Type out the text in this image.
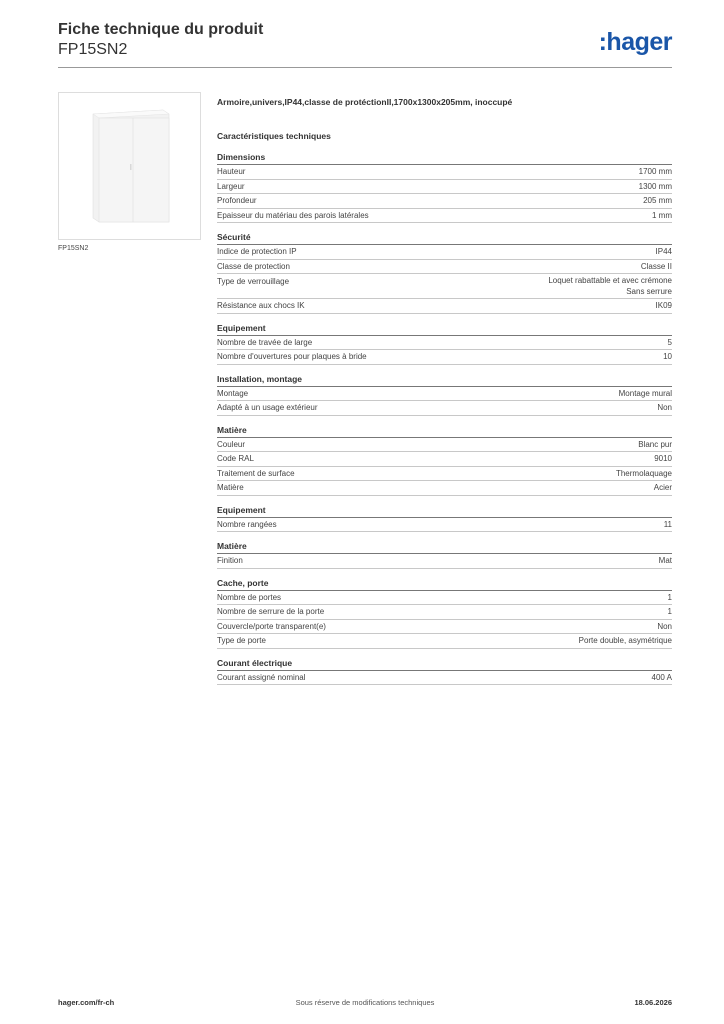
Fiche technique du produit
FP15SN2	:hager
FP15SN2
Armoire,univers,IP44,classe de protéctionII,1700x1300x205mm, inoccupé
Caractéristiques techniques
Dimensions
Hauteur	1700 mm
Largeur	1300 mm
Profondeur	205 mm
Epaisseur du matériau des parois latérales	1 mm
Sécurité
Indice de protection IP	IP44
Classe de protection	Classe II
Type de verrouillage	Loquet rabattable et avec crémone
Sans serrure
Résistance aux chocs IK	IK09
Equipement
Nombre de travée de large	5
Nombre d'ouvertures pour plaques à bride	10
Installation, montage
Montage	Montage mural
Adapté à un usage extérieur	Non
Matière
Couleur	Blanc pur
Code RAL	9010
Traitement de surface	Thermolaquage
Matière	Acier
Equipement
Nombre rangées	11
Matière
Finition	Mat
Cache, porte
Nombre de portes	1
Nombre de serrure de la porte	1
Couvercle/porte transparent(e)	Non
Type de porte	Porte double, asymétrique
Courant électrique
Courant assigné nominal	400 A
hager.com/fr-ch	Sous réserve de modifications techniques	18.06.2026
